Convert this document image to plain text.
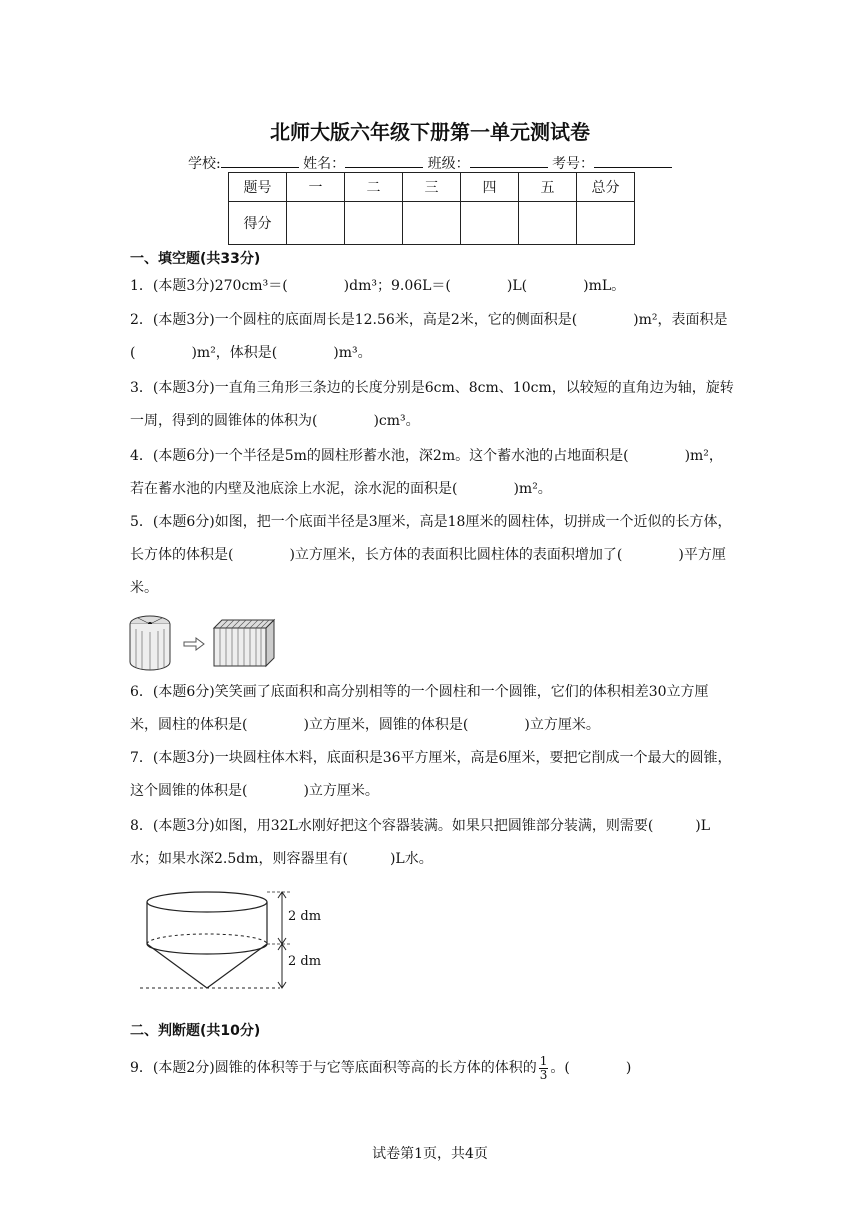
北师大版六年级下册第一单元测试卷
学校:	姓名：	班级：	考号：
题号	一	二	三	四	五	总分
得分						
一、填空题(共33分)
1．(本题3分)270cm³＝(　　　　)dm³；9.06L＝(　　　　)L(　　　　)mL。
2．(本题3分)一个圆柱的底面周长是12.56米，高是2米，它的侧面积是(　　　　)m²，表面积是(　　　　)m²，体积是(　　　　)m³。
3．(本题3分)一直角三角形三条边的长度分别是6cm、8cm、10cm，以较短的直角边为轴，旋转一周，得到的圆锥体的体积为(　　　　)cm³。
4．(本题6分)一个半径是5m的圆柱形蓄水池，深2m。这个蓄水池的占地面积是(　　　　)m²，若在蓄水池的内壁及池底涂上水泥，涂水泥的面积是(　　　　)m²。
5．(本题6分)如图，把一个底面半径是3厘米，高是18厘米的圆柱体，切拼成一个近似的长方体，长方体的体积是(　　　　)立方厘米，长方体的表面积比圆柱体的表面积增加了(　　　　)平方厘米。
6．(本题6分)笑笑画了底面积和高分别相等的一个圆柱和一个圆锥，它们的体积相差30立方厘米，圆柱的体积是(　　　　)立方厘米，圆锥的体积是(　　　　)立方厘米。
7．(本题3分)一块圆柱体木料，底面积是36平方厘米，高是6厘米，要把它削成一个最大的圆锥，这个圆锥的体积是(　　　　)立方厘米。
8．(本题3分)如图，用32L水刚好把这个容器装满。如果只把圆锥部分装满，则需要(　　　)L水；如果水深2.5dm，则容器里有(　　　)L水。
2 dm
2 dm
二、判断题(共10分)
9．(本题2分)圆锥的体积等于与它等底面积等高的长方体的体积的 $\frac{1}{3}$ 。(　　　　)
试卷第1页，共4页
